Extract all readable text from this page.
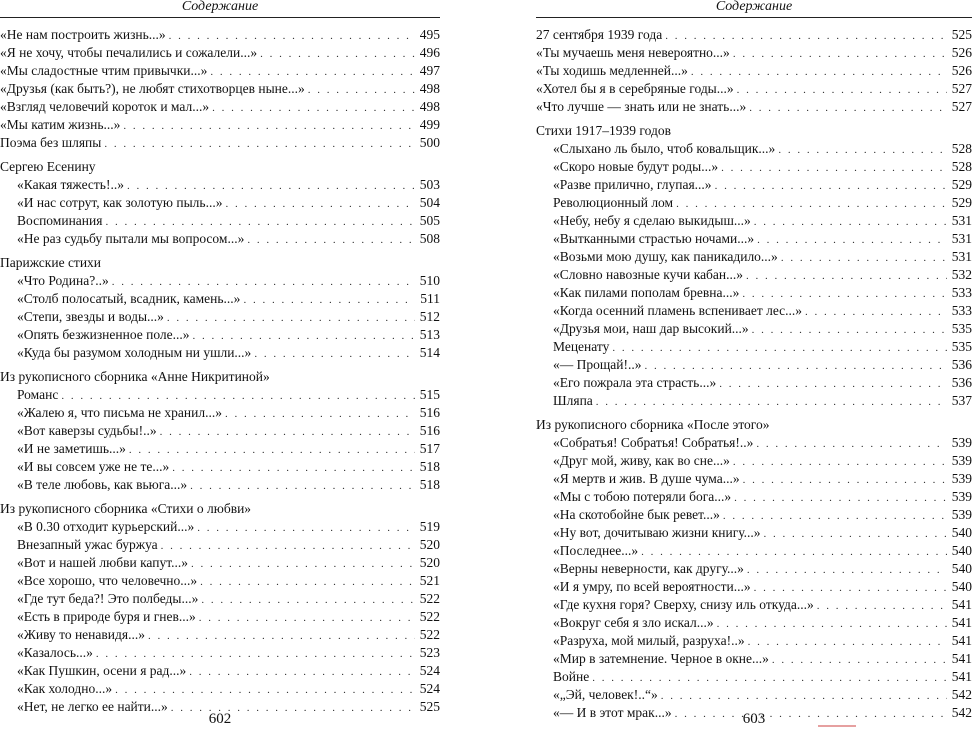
Содержание
«Не нам построить жизнь...» . . .	495
«Я не хочу, чтобы печалились и сожалели...» . . .	496
«Мы сладостные чтим привычки...» . . .	497
«Друзья (как быть?), не любят стихотворцев ныне...» . . .	498
«Взгляд человечий короток и мал...» . . .	498
«Мы катим жизнь...» . . .	499
Поэма без шляпы . . .	500
Сергею Есенину
«Какая тяжесть!..» . . .	503
«И нас сотрут, как золотую пыль...» . . .	504
Воспоминания . . .	505
«Не раз судьбу пытали мы вопросом...» . . .	508
Парижские стихи
«Что Родина?..» . . .	510
«Столб полосатый, всадник, камень...» . . .	511
«Степи, звезды и воды...» . . .	512
«Опять безжизненное поле...» . . .	513
«Куда бы разумом холодным ни ушли...» . . .	514
Из рукописного сборника «Анне Никритиной»
Романс . . .	515
«Жалею я, что письма не хранил...» . . .	516
«Вот каверзы судьбы!..» . . .	516
«И не заметишь...» . . .	517
«И вы совсем уже не те...» . . .	518
«В теле любовь, как вьюга...» . . .	518
Из рукописного сборника «Стихи о любви»
«В 0.30 отходит курьерский...» . . .	519
Внезапный ужас буржуа . . .	520
«Вот и нашей любви капут...» . . .	520
«Все хорошо, что человечно...» . . .	521
«Где тут беда?! Это полбеды...» . . .	522
«Есть в природе буря и гнев...» . . .	522
«Живу то ненавидя...» . . .	522
«Казалось...» . . .	523
«Как Пушкин, осени я рад...» . . .	524
«Как холодно...» . . .	524
«Нет, не легко ее найти...» . . .	525
602
Содержание
27 сентября 1939 года . . .	525
«Ты мучаешь меня невероятно...» . . .	526
«Ты ходишь медленней...» . . .	526
«Хотел бы я в серебряные годы...» . . .	527
«Что лучше — знать или не знать...» . . .	527
Стихи 1917–1939 годов
«Слыхано ль было, чтоб ковальщик...» . . .	528
«Скоро новые будут роды...» . . .	528
«Разве прилично, глупая...» . . .	529
Революционный лом . . .	529
«Небу, небу я сделаю выкидыш...» . . .	531
«Вытканными страстью ночами...» . . .	531
«Возьми мою душу, как паникадило...» . . .	531
«Словно навозные кучи кабан...» . . .	532
«Как пилами пополам бревна...» . . .	533
«Когда осенний пламень вспенивает лес...» . . .	533
«Друзья мои, наш дар высокий...» . . .	535
Меценату . . .	535
«— Прощай!..» . . .	536
«Его пожрала эта страсть...» . . .	536
Шляпа . . .	537
Из рукописного сборника «После этого»
«Собратья! Собратья! Собратья!..» . . .	539
«Друг мой, живу, как во сне...» . . .	539
«Я мертв и жив. В душе чума...» . . .	539
«Мы с тобою потеряли бога...» . . .	539
«На скотобойне бык ревет...» . . .	539
«Ну вот, дочитываю жизни книгу...» . . .	540
«Последнее...» . . .	540
«Верны неверности, как другу...» . . .	540
«И я умру, по всей вероятности...» . . .	540
«Где кухня горя? Сверху, снизу иль откуда...» . . .	541
«Вокруг себя я зло искал...» . . .	541
«Разруха, мой милый, разруха!..» . . .	541
«Мир в затемнение. Черное в окне...» . . .	541
Войне . . .	541
«„Эй, человек!..“» . . .	542
«— И в этот мрак...» . . .	542
603
